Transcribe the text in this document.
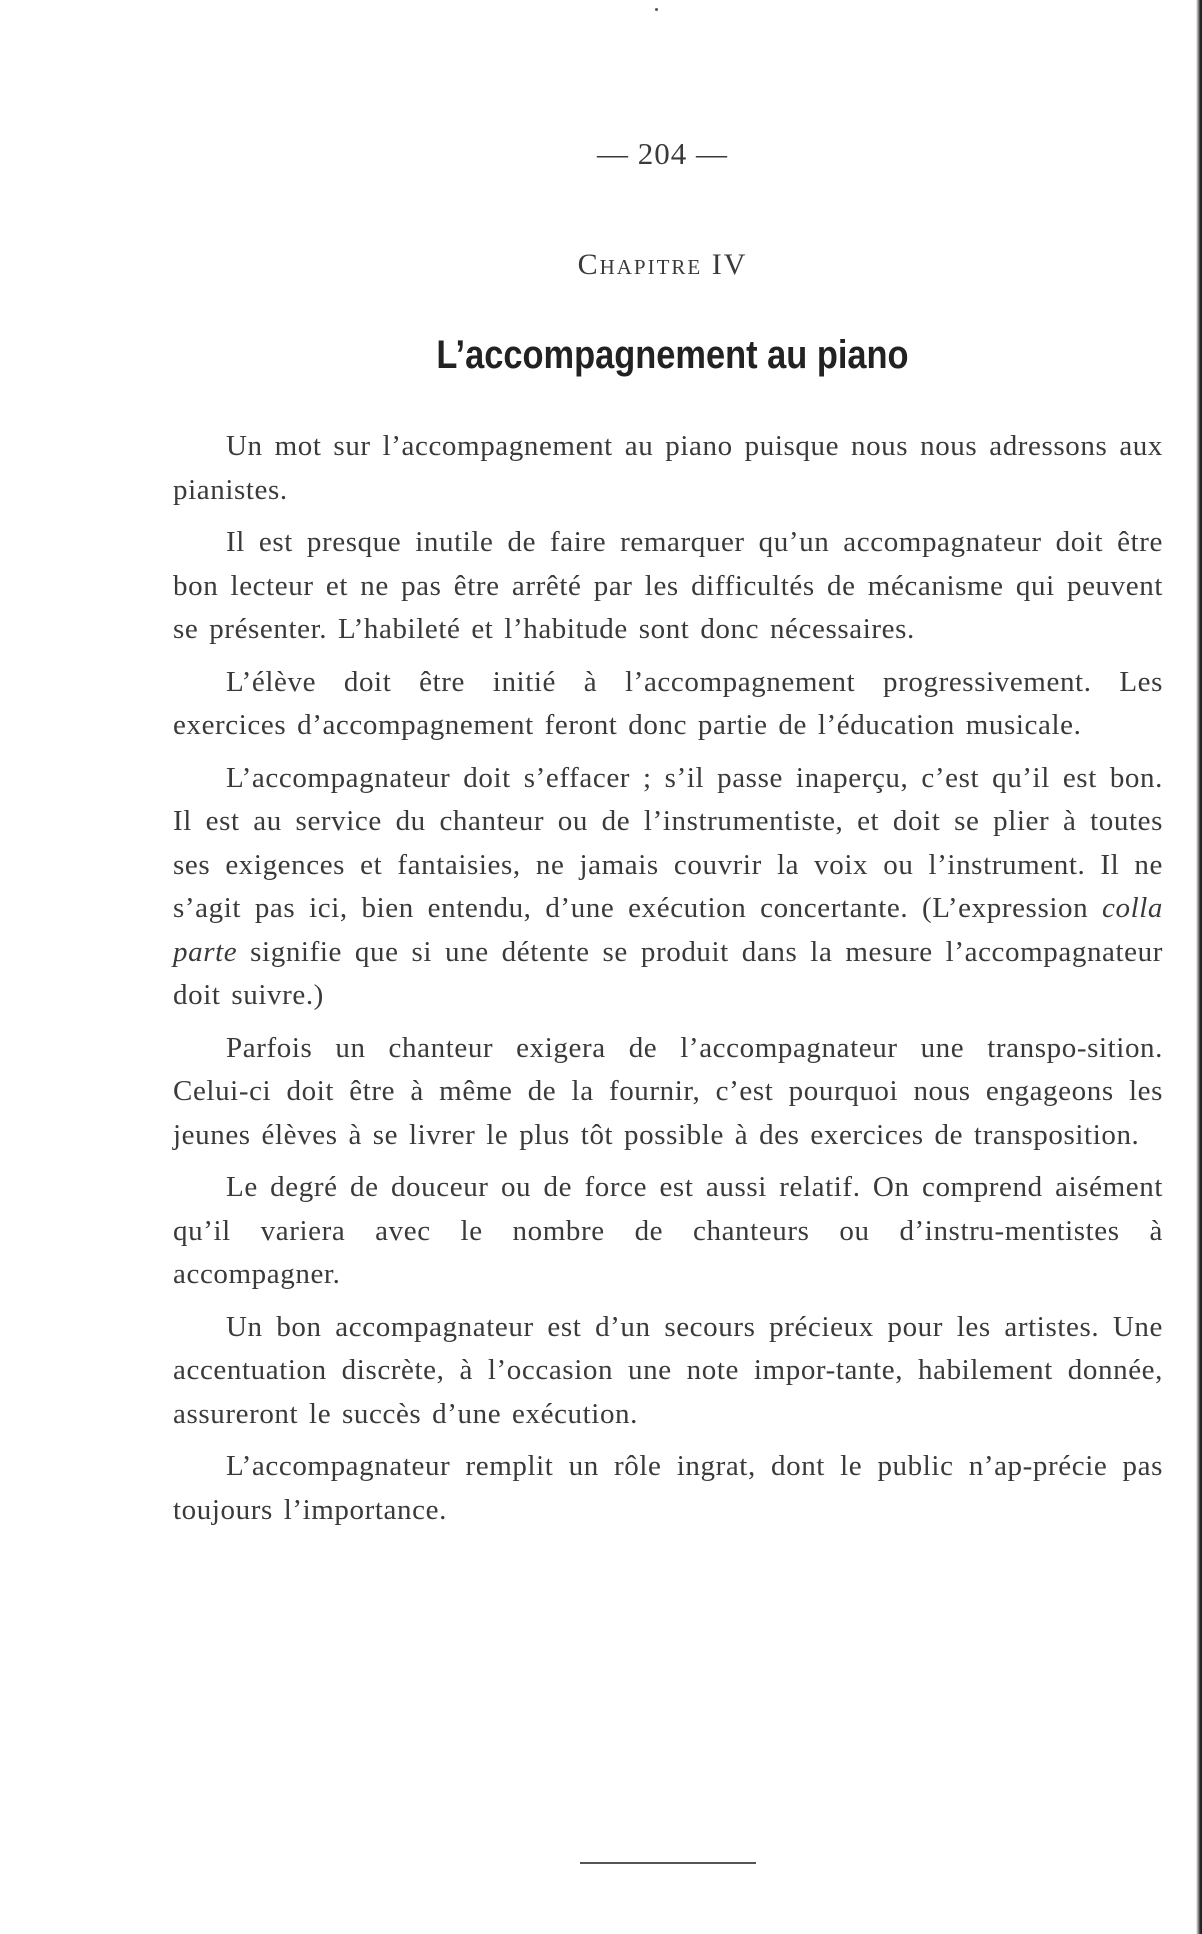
— 204 —
Chapitre IV
L’accompagnement au piano

Un mot sur l’accompagnement au piano puisque nous nous adressons aux pianistes.

Il est presque inutile de faire remarquer qu’un accompagnateur doit être bon lecteur et ne pas être arrêté par les difficultés de mécanisme qui peuvent se présenter. L’habileté et l’habitude sont donc nécessaires.

L’élève doit être initié à l’accompagnement progressivement. Les exercices d’accompagnement feront donc partie de l’éducation musicale.

L’accompagnateur doit s’effacer ; s’il passe inaperçu, c’est qu’il est bon. Il est au service du chanteur ou de l’instrumentiste, et doit se plier à toutes ses exigences et fantaisies, ne jamais couvrir la voix ou l’instrument. Il ne s’agit pas ici, bien entendu, d’une exécution concertante. (L’expression colla parte signifie que si une détente se produit dans la mesure l’accompagnateur doit suivre.)

Parfois un chanteur exigera de l’accompagnateur une transpo-sition. Celui-ci doit être à même de la fournir, c’est pourquoi nous engageons les jeunes élèves à se livrer le plus tôt possible à des exercices de transposition.

Le degré de douceur ou de force est aussi relatif. On comprend aisément qu’il variera avec le nombre de chanteurs ou d’instru-mentistes à accompagner.

Un bon accompagnateur est d’un secours précieux pour les artistes. Une accentuation discrète, à l’occasion une note impor-tante, habilement donnée, assureront le succès d’une exécution.

L’accompagnateur remplit un rôle ingrat, dont le public n’ap-précie pas toujours l’importance.
